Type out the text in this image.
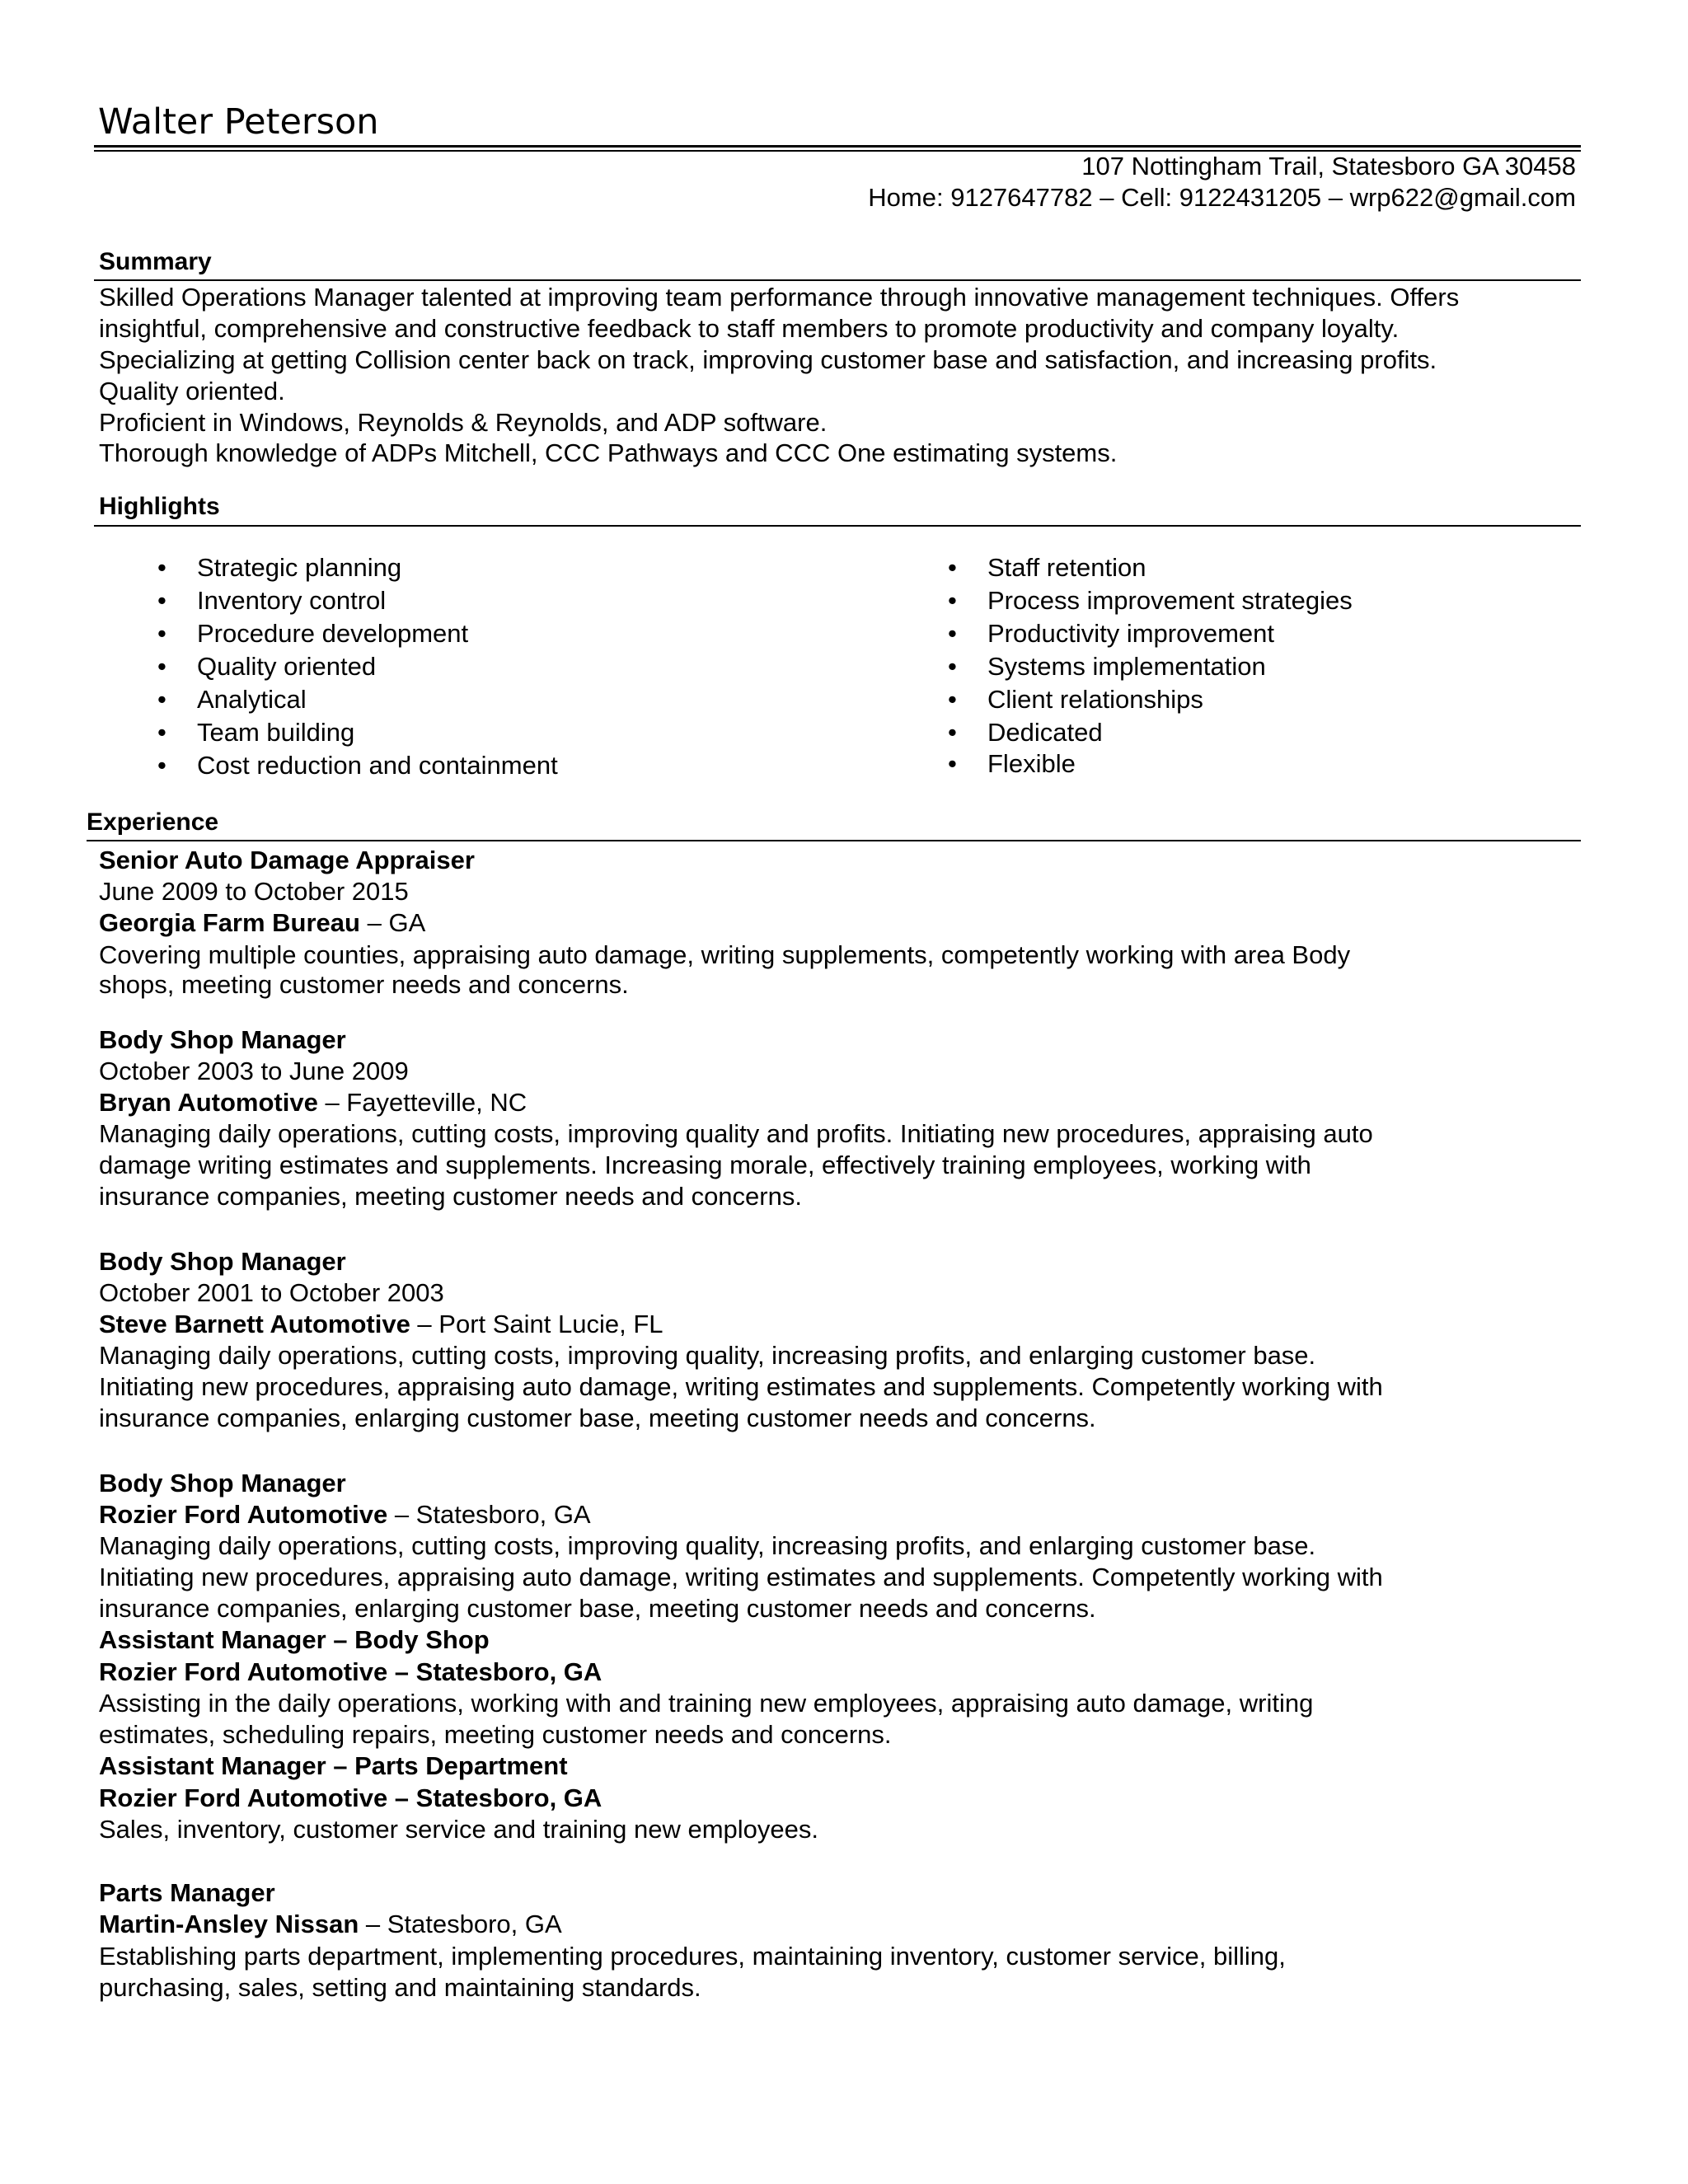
Walter Peterson
107 Nottingham Trail, Statesboro GA 30458
Home: 9127647782 – Cell: 9122431205 – wrp622@gmail.com
Summary
Skilled Operations Manager talented at improving team performance through innovative management techniques. Offers
insightful, comprehensive and constructive feedback to staff members to promote productivity and company loyalty.
Specializing at getting Collision center back on track, improving customer base and satisfaction, and increasing profits.
Quality oriented.
Proficient in Windows, Reynolds & Reynolds, and ADP software.
Thorough knowledge of ADPs Mitchell, CCC Pathways and CCC One estimating systems.
Highlights
• Strategic planning
• Inventory control
• Procedure development
• Quality oriented
• Analytical
• Team building
• Cost reduction and containment
• Staff retention
• Process improvement strategies
• Productivity improvement
• Systems implementation
• Client relationships
• Dedicated
• Flexible
Experience
Senior Auto Damage Appraiser
June 2009 to October 2015
Georgia Farm Bureau – GA
Covering multiple counties, appraising auto damage, writing supplements, competently working with area Body
shops, meeting customer needs and concerns.
Body Shop Manager
October 2003 to June 2009
Bryan Automotive – Fayetteville, NC
Managing daily operations, cutting costs, improving quality and profits. Initiating new procedures, appraising auto
damage writing estimates and supplements. Increasing morale, effectively training employees, working with
insurance companies, meeting customer needs and concerns.
Body Shop Manager
October 2001 to October 2003
Steve Barnett Automotive – Port Saint Lucie, FL
Managing daily operations, cutting costs, improving quality, increasing profits, and enlarging customer base.
Initiating new procedures, appraising auto damage, writing estimates and supplements. Competently working with
insurance companies, enlarging customer base, meeting customer needs and concerns.
Body Shop Manager
Rozier Ford Automotive – Statesboro, GA
Managing daily operations, cutting costs, improving quality, increasing profits, and enlarging customer base.
Initiating new procedures, appraising auto damage, writing estimates and supplements. Competently working with
insurance companies, enlarging customer base, meeting customer needs and concerns.
Assistant Manager – Body Shop
Rozier Ford Automotive – Statesboro, GA
Assisting in the daily operations, working with and training new employees, appraising auto damage, writing
estimates, scheduling repairs, meeting customer needs and concerns.
Assistant Manager – Parts Department
Rozier Ford Automotive – Statesboro, GA
Sales, inventory, customer service and training new employees.
Parts Manager
Martin-Ansley Nissan – Statesboro, GA
Establishing parts department, implementing procedures, maintaining inventory, customer service, billing,
purchasing, sales, setting and maintaining standards.
